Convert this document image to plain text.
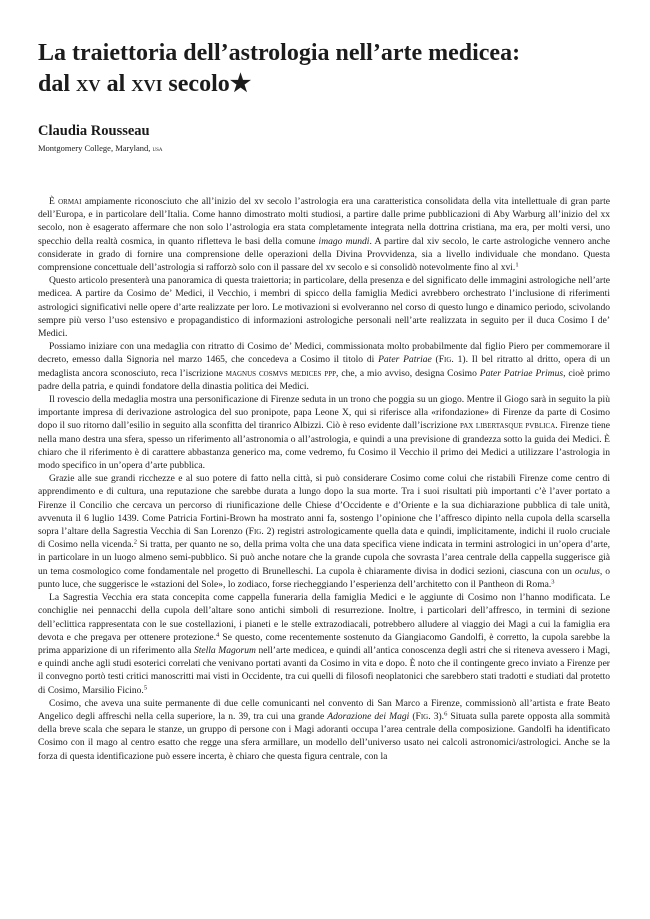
La traiettoria dell’astrologia nell’arte medicea:
dal xv al xvi secolo★
Claudia Rousseau
Montgomery College, Maryland, usa

È ormai ampiamente riconosciuto che all’inizio del xv secolo l’astrologia era una caratteristica consolidata della vita intellettuale di gran parte dell’Europa, e in particolare dell’Italia. Come hanno dimostrato molti studiosi, a partire dalle prime pubblicazioni di Aby Warburg all’inizio del xx secolo, non è esagerato affermare che non solo l’astrologia era stata completamente integrata nella dottrina cristiana, ma era, per molti versi, uno specchio della realtà cosmica, in quanto rifletteva le basi della comune imago mundi. A partire dal xiv secolo, le carte astrologiche vennero anche considerate in grado di fornire una comprensione delle operazioni della Divina Provvidenza, sia a livello individuale che mondano. Questa comprensione concettuale dell’astrologia si rafforzò solo con il passare del xv secolo e si consolidò notevolmente fino al xvi.$^1$

Questo articolo presenterà una panoramica di questa traiettoria; in particolare, della presenza e del significato delle immagini astrologiche nell’arte medicea. A partire da Cosimo de’ Medici, il Vecchio, i membri di spicco della famiglia Medici avrebbero orchestrato l’inclusione di riferimenti astrologici significativi nelle opere d’arte realizzate per loro. Le motivazioni si evolveranno nel corso di questo lungo e dinamico periodo, scivolando sempre più verso l’uso estensivo e propagandistico di informazioni astrologiche personali nell’arte realizzata in seguito per il duca Cosimo I de’ Medici.

Possiamo iniziare con una medaglia con ritratto di Cosimo de’ Medici, commissionata molto probabilmente dal figlio Piero per commemorare il decreto, emesso dalla Signoria nel marzo 1465, che concedeva a Cosimo il titolo di Pater Patriae (Fig. 1). Il bel ritratto al dritto, opera di un medaglista ancora sconosciuto, reca l’iscrizione magnus cosmvs medices ppp, che, a mio avviso, designa Cosimo Pater Patriae Primus, cioè primo padre della patria, e quindi fondatore della dinastia politica dei Medici.

Il rovescio della medaglia mostra una personificazione di Firenze seduta in un trono che poggia su un giogo. Mentre il Giogo sarà in seguito la più importante impresa di derivazione astrologica del suo pronipote, papa Leone X, qui si riferisce alla «rifondazione» di Firenze da parte di Cosimo dopo il suo ritorno dall’esilio in seguito alla sconfitta del tiranrico Albizzi. Ciò è reso evidente dall’iscrizione pax libertasque pvblica. Firenze tiene nella mano destra una sfera, spesso un riferimento all’astronomia o all’astrologia, e quindi a una previsione di grandezza sotto la guida dei Medici. È chiaro che il riferimento è di carattere abbastanza generico ma, come vedremo, fu Cosimo il Vecchio il primo dei Medici a utilizzare l’astrologia in modo specifico in un’opera d’arte pubblica.

Grazie alle sue grandi ricchezze e al suo potere di fatto nella città, si può considerare Cosimo come colui che ristabilì Firenze come centro di apprendimento e di cultura, una reputazione che sarebbe durata a lungo dopo la sua morte. Tra i suoi risultati più importanti c’è l’aver portato a Firenze il Concilio che cercava un percorso di riunificazione delle Chiese d’Occidente e d’Oriente e la sua dichiarazione pubblica di tale unità, avvenuta il 6 luglio 1439. Come Patricia Fortini-Brown ha mostrato anni fa, sostengo l’opinione che l’affresco dipinto nella cupola della scarsella sopra l’altare della Sagrestia Vecchia di San Lorenzo (Fig. 2) registri astrologicamente quella data e quindi, implicitamente, indichi il ruolo cruciale di Cosimo nella vicenda.$^2$ Si tratta, per quanto ne so, della prima volta che una data specifica viene indicata in termini astrologici in un’opera d’arte, in particolare in un luogo almeno semi-pubblico. Si può anche notare che la grande cupola che sovrasta l’area centrale della cappella suggerisce già un tema cosmologico come fondamentale nel progetto di Brunelleschi. La cupola è chiaramente divisa in dodici sezioni, ciascuna con un oculus, o punto luce, che suggerisce le «stazioni del Sole», lo zodiaco, forse riecheggiando l’esperienza dell’architetto con il Pantheon di Roma.$^3$

La Sagrestia Vecchia era stata concepita come cappella funeraria della famiglia Medici e le aggiunte di Cosimo non l’hanno modificata. Le conchiglie nei pennacchi della cupola dell’altare sono antichi simboli di resurrezione. Inoltre, i particolari dell’affresco, in termini di sezione dell’eclittica rappresentata con le sue costellazioni, i pianeti e le stelle extrazodiacali, potrebbero alludere al viaggio dei Magi a cui la famiglia era devota e che pregava per ottenere protezione.$^4$ Se questo, come recentemente sostenuto da Giangiacomo Gandolfi, è corretto, la cupola sarebbe la prima apparizione di un riferimento alla Stella Magorum nell’arte medicea, e quindi all’antica conoscenza degli astri che si riteneva avessero i Magi, e quindi anche agli studi esoterici correlati che venivano portati avanti da Cosimo in vita e dopo. È noto che il contingente greco inviato a Firenze per il convegno portò testi critici manoscritti mai visti in Occidente, tra cui quelli di filosofi neoplatonici che sarebbero stati tradotti e studiati dal protetto di Cosimo, Marsilio Ficino.$^5$

Cosimo, che aveva una suite permanente di due celle comunicanti nel convento di San Marco a Firenze, commissionò all’artista e frate Beato Angelico degli affreschi nella cella superiore, la n. 39, tra cui una grande Adorazione dei Magi (Fig. 3).$^6$ Situata sulla parete opposta alla sommità della breve scala che separa le stanze, un gruppo di persone con i Magi adoranti occupa l’area centrale della composizione. Gandolfi ha identificato Cosimo con il mago al centro esatto che regge una sfera armillare, un modello dell’universo usato nei calcoli astronomici/astrologici. Anche se la forza di questa identificazione può essere incerta, è chiaro che questa figura centrale, con la
